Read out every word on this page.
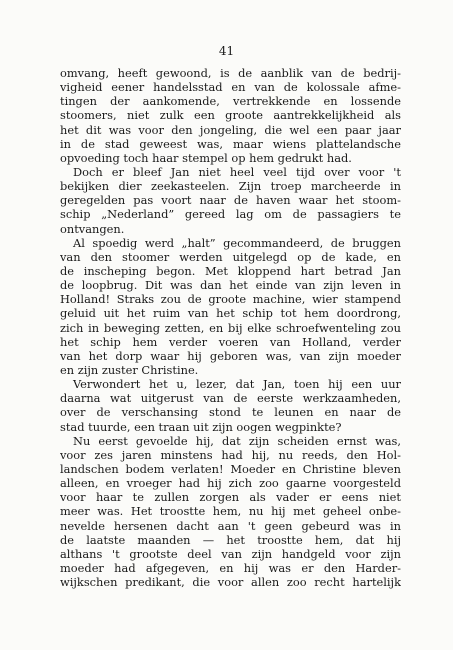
41
omvang, heeft gewoond, is de aanblik van de bedrij-
vigheid eener handelsstad en van de kolossale afme-
tingen der aankomende, vertrekkende en lossende
stoomers, niet zulk een groote aantrekkelijkheid als
het dit was voor den jongeling, die wel een paar jaar
in de stad geweest was, maar wiens plattelandsche
opvoeding toch haar stempel op hem gedrukt had.
Doch er bleef Jan niet heel veel tijd over voor 't
bekijken dier zeekasteelen. Zijn troep marcheerde in
geregelden pas voort naar de haven waar het stoom-
schip „Nederland” gereed lag om de passagiers te
ontvangen.
Al spoedig werd „halt” gecommandeerd, de bruggen
van den stoomer werden uitgelegd op de kade, en
de inscheping begon. Met kloppend hart betrad Jan
de loopbrug. Dit was dan het einde van zijn leven in
Holland! Straks zou de groote machine, wier stampend
geluid uit het ruim van het schip tot hem doordrong,
zich in beweging zetten, en bij elke schroefwenteling zou
het schip hem verder voeren van Holland, verder
van het dorp waar hij geboren was, van zijn moeder
en zijn zuster Christine.
Verwondert het u, lezer, dat Jan, toen hij een uur
daarna wat uitgerust van de eerste werkzaamheden,
over de verschansing stond te leunen en naar de
stad tuurde, een traan uit zijn oogen wegpinkte?
Nu eerst gevoelde hij, dat zijn scheiden ernst was,
voor zes jaren minstens had hij, nu reeds, den Hol-
landschen bodem verlaten! Moeder en Christine bleven
alleen, en vroeger had hij zich zoo gaarne voorgesteld
voor haar te zullen zorgen als vader er eens niet
meer was. Het troostte hem, nu hij met geheel onbe-
nevelde hersenen dacht aan 't geen gebeurd was in
de laatste maanden — het troostte hem, dat hij
althans 't grootste deel van zijn handgeld voor zijn
moeder had afgegeven, en hij was er den Harder-
wijkschen predikant, die voor allen zoo recht hartelijk
